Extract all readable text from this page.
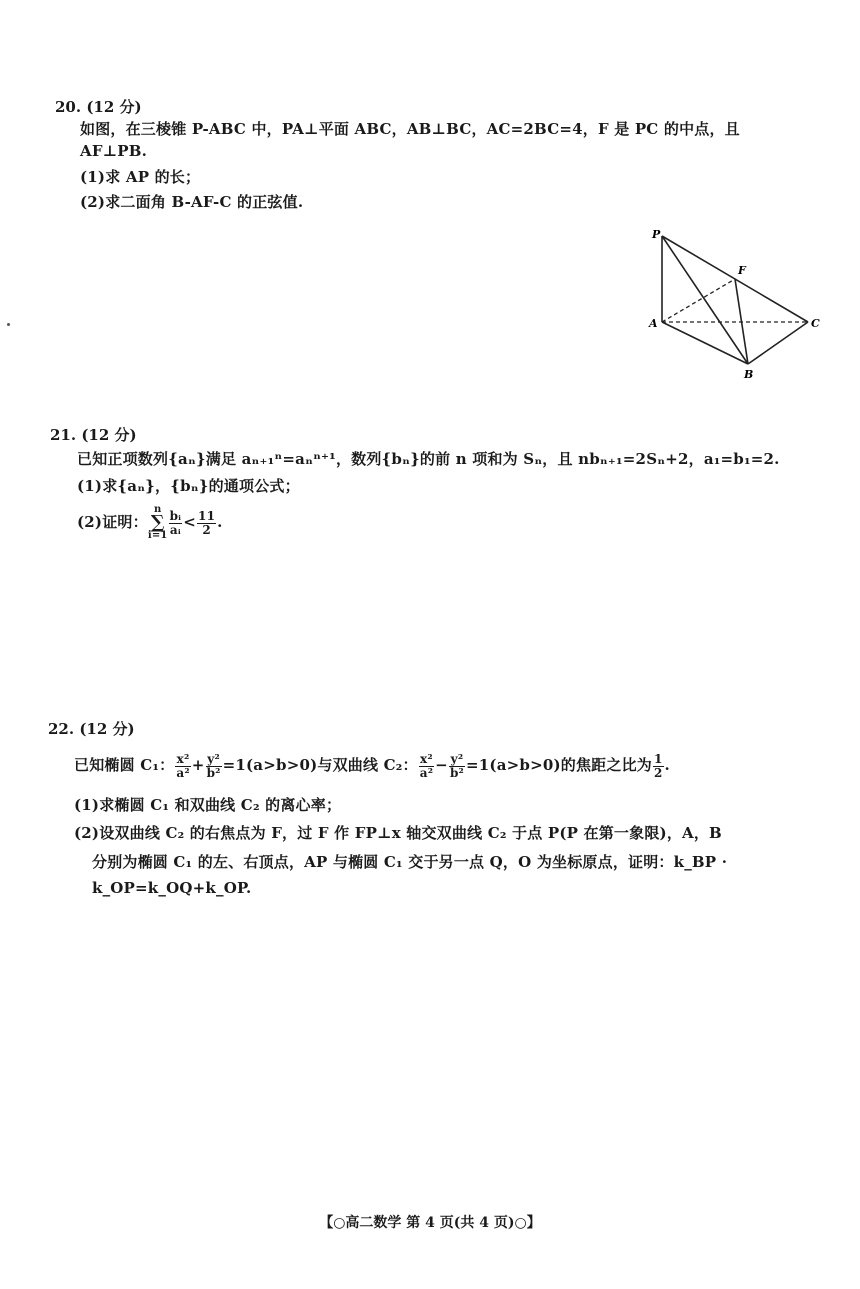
20. (12 分)
如图，在三棱锥 P-ABC 中，PA⊥平面 ABC，AB⊥BC，AC=2BC=4，F 是 PC 的中点，且
AF⊥PB.
(1)求 AP 的长；
(2)求二面角 B-AF-C 的正弦值.
P
F
A	C
B
21. (12 分)
已知正项数列{aₙ}满足 aₙ₊₁ⁿ=aₙⁿ⁺¹，数列{bₙ}的前 n 项和为 Sₙ，且 nbₙ₊₁=2Sₙ+2，a₁=b₁=2.
(1)求{aₙ}，{bₙ}的通项公式；
(2)证明：n
∑
$i=1 \frac{\text{bᵢ}}{\text{aᵢ}} < \frac{11}{2}$ .
22. (12 分)
已知椭圆 C₁： $\frac{\text{x²}}{\text{a²}} + \frac{\text{y²}}{\text{b²}} =1(a>b>0)$与双曲线 C₂： $\frac{\text{x²}}{\text{a²}} - \frac{\text{y²}}{\text{b²}} =1(a>b>0)$的焦距之比为 $\frac{1}{2}$ .
(1)求椭圆 C₁ 和双曲线 C₂ 的离心率；
(2)设双曲线 C₂ 的右焦点为 F，过 F 作 FP⊥x 轴交双曲线 C₂ 于点 P(P 在第一象限)，A，B
分别为椭圆 C₁ 的左、右顶点，AP 与椭圆 C₁ 交于另一点 Q，O 为坐标原点，证明：k_BP ·
k_OP=k_OQ+k_OP.
【○高二数学 第 4 页(共 4 页)○】
